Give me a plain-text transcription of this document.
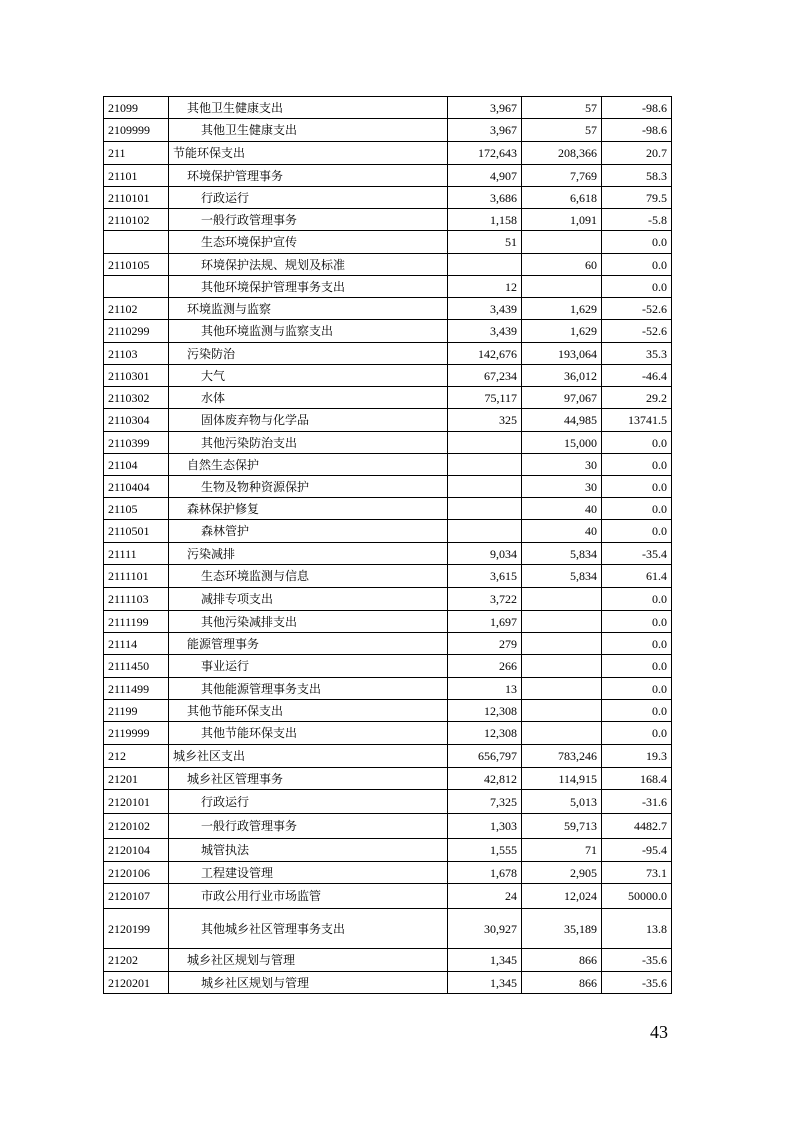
21099	其他卫生健康支出	3,967	57	-98.6
2109999	其他卫生健康支出	3,967	57	-98.6
211	节能环保支出	172,643	208,366	20.7
21101	环境保护管理事务	4,907	7,769	58.3
2110101	行政运行	3,686	6,618	79.5
2110102	一般行政管理事务	1,158	1,091	-5.8
	生态环境保护宣传	51		0.0
2110105	环境保护法规、规划及标准		60	0.0
	其他环境保护管理事务支出	12		0.0
21102	环境监测与监察	3,439	1,629	-52.6
2110299	其他环境监测与监察支出	3,439	1,629	-52.6
21103	污染防治	142,676	193,064	35.3
2110301	大气	67,234	36,012	-46.4
2110302	水体	75,117	97,067	29.2
2110304	固体废弃物与化学品	325	44,985	13741.5
2110399	其他污染防治支出		15,000	0.0
21104	自然生态保护		30	0.0
2110404	生物及物种资源保护		30	0.0
21105	森林保护修复		40	0.0
2110501	森林管护		40	0.0
21111	污染减排	9,034	5,834	-35.4
2111101	生态环境监测与信息	3,615	5,834	61.4
2111103	减排专项支出	3,722		0.0
2111199	其他污染减排支出	1,697		0.0
21114	能源管理事务	279		0.0
2111450	事业运行	266		0.0
2111499	其他能源管理事务支出	13		0.0
21199	其他节能环保支出	12,308		0.0
2119999	其他节能环保支出	12,308		0.0
212	城乡社区支出	656,797	783,246	19.3
21201	城乡社区管理事务	42,812	114,915	168.4
2120101	行政运行	7,325	5,013	-31.6
2120102	一般行政管理事务	1,303	59,713	4482.7
2120104	城管执法	1,555	71	-95.4
2120106	工程建设管理	1,678	2,905	73.1
2120107	市政公用行业市场监管	24	12,024	50000.0
2120199	其他城乡社区管理事务支出	30,927	35,189	13.8
21202	城乡社区规划与管理	1,345	866	-35.6
2120201	城乡社区规划与管理	1,345	866	-35.6
43
